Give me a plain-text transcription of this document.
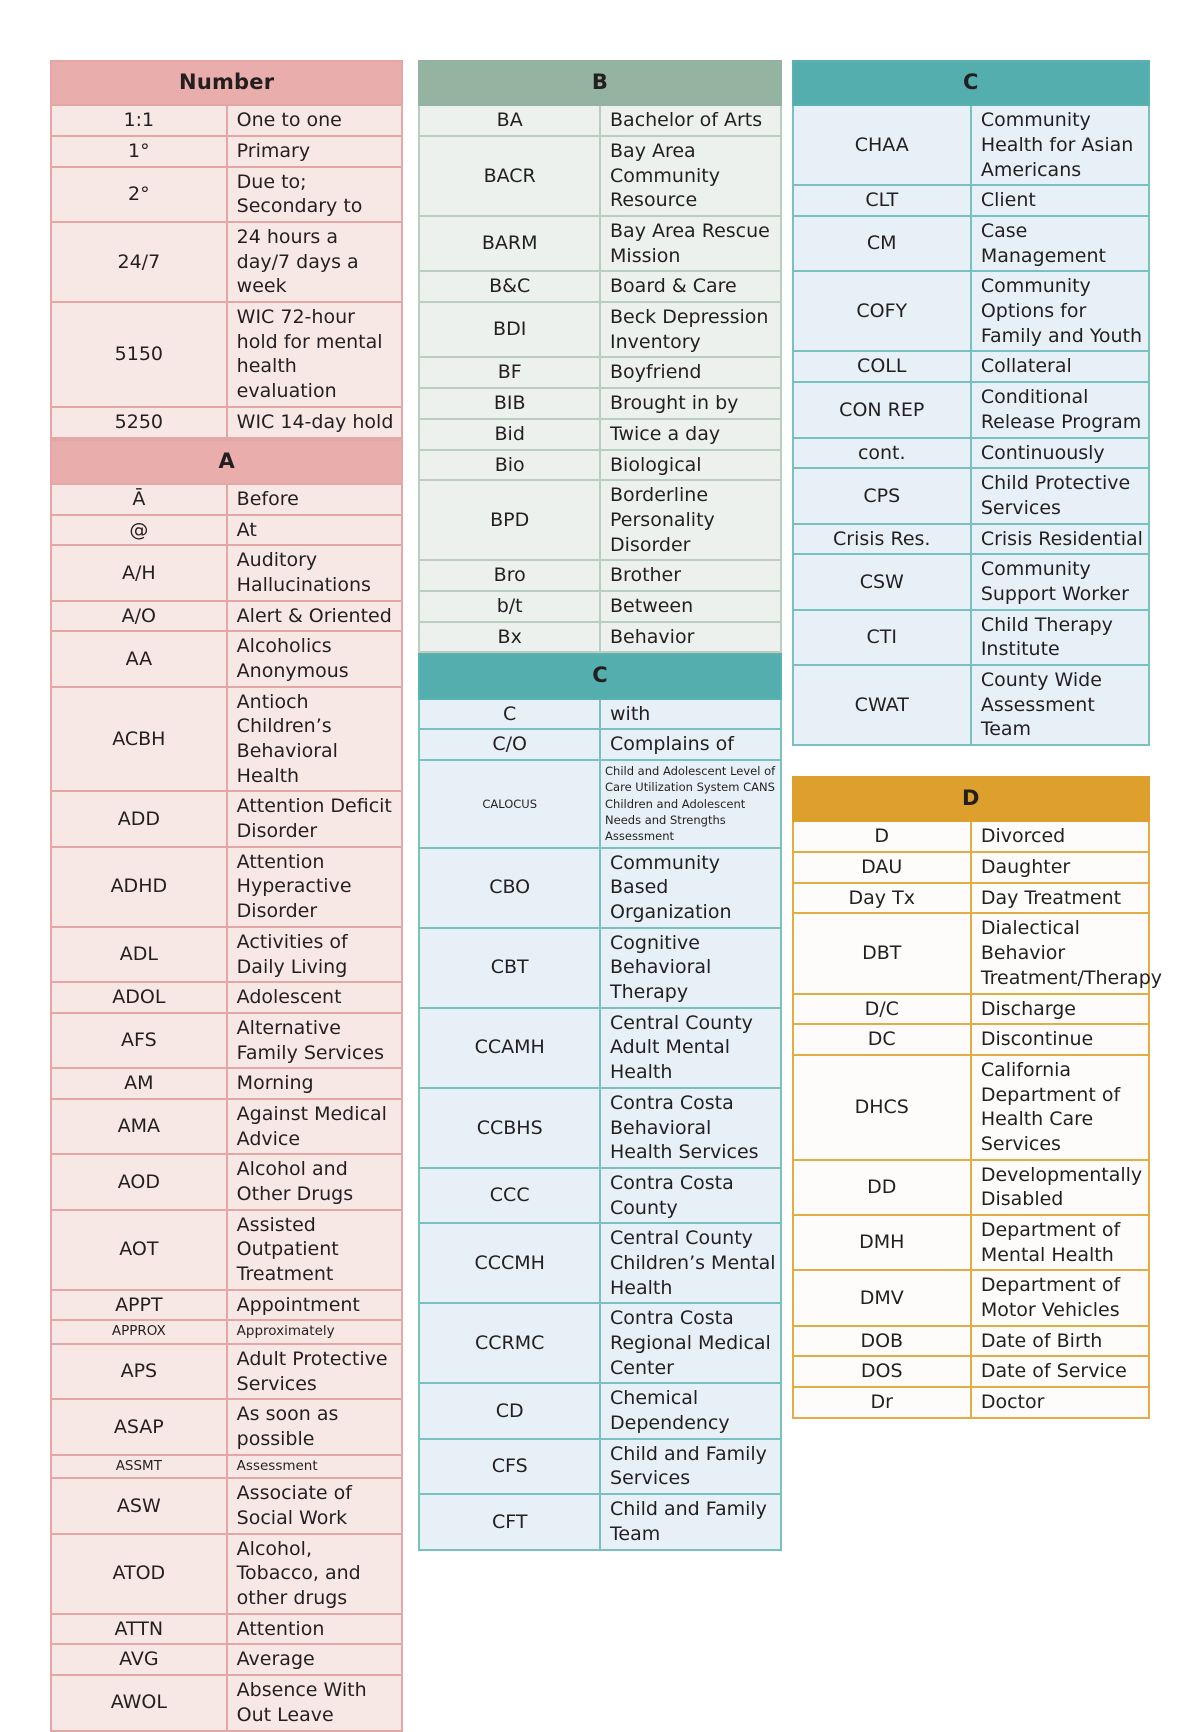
Number	
1:1	One to one
1°	Primary
2°	Due to; Secondary to
24/7	24 hours a day/7 days a week
5150	WIC 72-hour hold for mental health evaluation
5250	WIC 14-day hold
A	
Ā	Before
@	At
A/H	Auditory Hallucinations
A/O	Alert & Oriented
AA	Alcoholics Anonymous
ACBH	Antioch Children’s Behavioral Health
ADD	Attention Deficit Disorder
ADHD	Attention Hyperactive Disorder
ADL	Activities of Daily Living
ADOL	Adolescent
AFS	Alternative Family Services
AM	Morning
AMA	Against Medical Advice
AOD	Alcohol and Other Drugs
AOT	Assisted Outpatient Treatment
APPT	Appointment
APPROX	Approximately
APS	Adult Protective Services
ASAP	As soon as possible
ASSMT	Assessment
ASW	Associate of Social Work
ATOD	Alcohol, Tobacco, and other drugs
ATTN	Attention
AVG	Average
AWOL	Absence With Out Leave
B	
BA	Bachelor of Arts
BACR	Bay Area Community Resource
BARM	Bay Area Rescue Mission
B&C	Board & Care
BDI	Beck Depression Inventory
BF	Boyfriend
BIB	Brought in by
Bid	Twice a day
Bio	Biological
BPD	Borderline Personality Disorder
Bro	Brother
b/t	Between
Bx	Behavior
C	
C	with
C/O	Complains of
CALOCUS	Child and Adolescent Level of Care Utilization System CANS Children and Adolescent Needs and Strengths Assessment
CBO	Community Based Organization
CBT	Cognitive Behavioral Therapy
CCAMH	Central County Adult Mental Health
CCBHS	Contra Costa Behavioral Health Services
CCC	Contra Costa County
CCCMH	Central County Children’s Mental Health
CCRMC	Contra Costa Regional Medical Center
CD	Chemical Dependency
CFS	Child and Family Services
CFT	Child and Family Team
C	
CHAA	Community Health for Asian Americans
CLT	Client
CM	Case Management
COFY	Community Options for Family and Youth
COLL	Collateral
CON REP	Conditional Release Program
cont.	Continuously
CPS	Child Protective Services
Crisis Res.	Crisis Residential
CSW	Community Support Worker
CTI	Child Therapy Institute
CWAT	County Wide Assessment Team
D	
D	Divorced
DAU	Daughter
Day Tx	Day Treatment
DBT	Dialectical Behavior Treatment/Therapy
D/C	Discharge
DC	Discontinue
DHCS	California Department of Health Care Services
DD	Developmentally Disabled
DMH	Department of Mental Health
DMV	Department of Motor Vehicles
DOB	Date of Birth
DOS	Date of Service
Dr	Doctor
